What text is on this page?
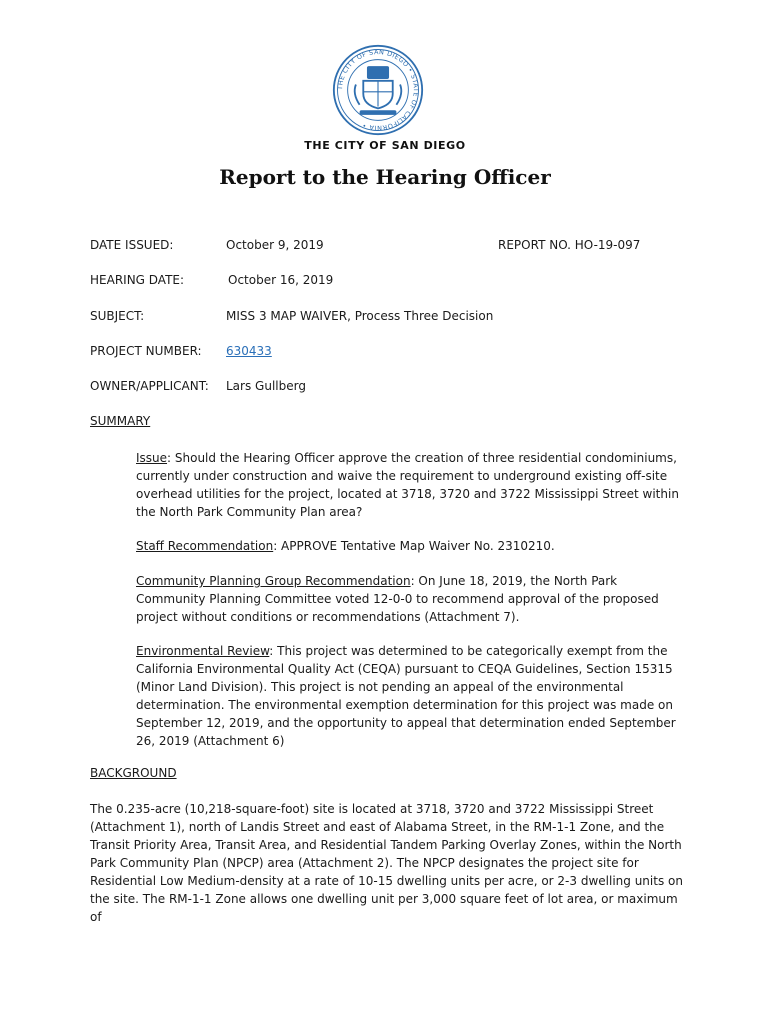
THE CITY OF SAN DIEGO • STATE OF CALIFORNIA •
THE CITY OF SAN DIEGO
Report to the Hearing Officer
DATE ISSUED:	October 9, 2019	REPORT NO. HO-19-097
HEARING DATE:	October 16, 2019
SUBJECT:	MISS 3 MAP WAIVER, Process Three Decision
PROJECT NUMBER: 630433
OWNER/APPLICANT: Lars Gullberg
SUMMARY

Issue: Should the Hearing Officer approve the creation of three residential condominiums, currently under construction and waive the requirement to underground existing off-site overhead utilities for the project, located at 3718, 3720 and 3722 Mississippi Street within the North Park Community Plan area?

Staff Recommendation: APPROVE Tentative Map Waiver No. 2310210.

Community Planning Group Recommendation: On June 18, 2019, the North Park Community Planning Committee voted 12-0-0 to recommend approval of the proposed project without conditions or recommendations (Attachment 7).

Environmental Review: This project was determined to be categorically exempt from the California Environmental Quality Act (CEQA) pursuant to CEQA Guidelines, Section 15315 (Minor Land Division). This project is not pending an appeal of the environmental determination. The environmental exemption determination for this project was made on September 12, 2019, and the opportunity to appeal that determination ended September 26, 2019 (Attachment 6)

BACKGROUND

The 0.235-acre (10,218-square-foot) site is located at 3718, 3720 and 3722 Mississippi Street (Attachment 1), north of Landis Street and east of Alabama Street, in the RM-1-1 Zone, and the Transit Priority Area, Transit Area, and Residential Tandem Parking Overlay Zones, within the North Park Community Plan (NPCP) area (Attachment 2). The NPCP designates the project site for Residential Low Medium-density at a rate of 10-15 dwelling units per acre, or 2-3 dwelling units on the site. The RM-1-1 Zone allows one dwelling unit per 3,000 square feet of lot area, or maximum of
